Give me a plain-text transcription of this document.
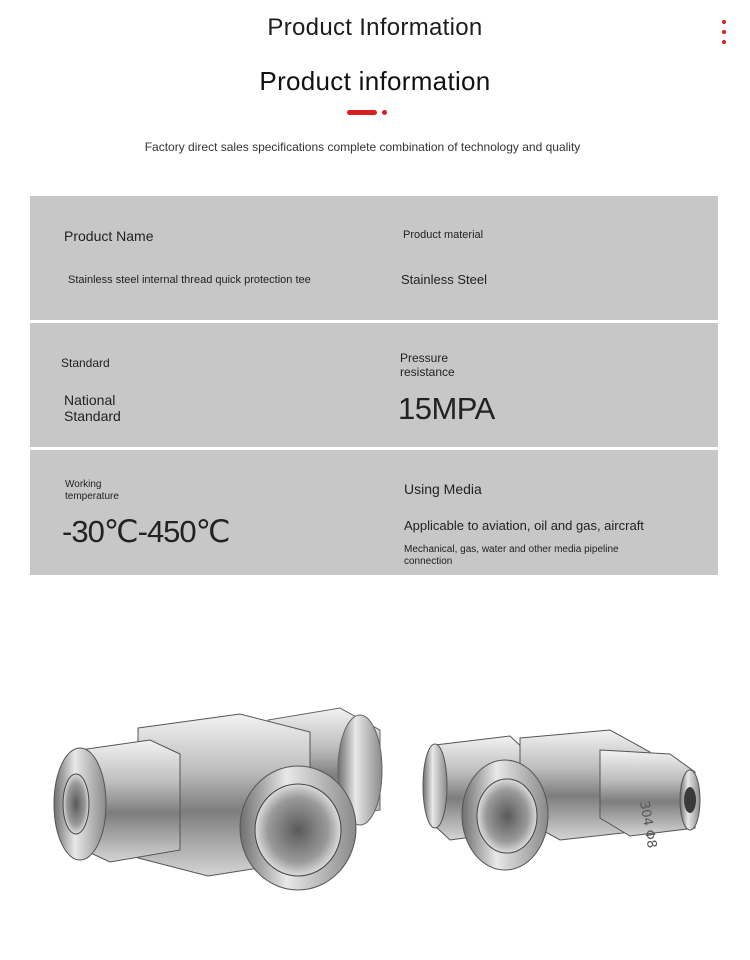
Product Information
Product information
Factory direct sales specifications complete combination of technology and quality
Product Name
Stainless steel internal thread quick protection tee
Product material
Stainless Steel
Standard
National
Standard
Pressure
resistance
15MPA
Working
temperature
-30℃-450℃
Using Media
Applicable to aviation, oil and gas, aircraft
Mechanical, gas, water and other media pipeline
connection
304 Φ8
